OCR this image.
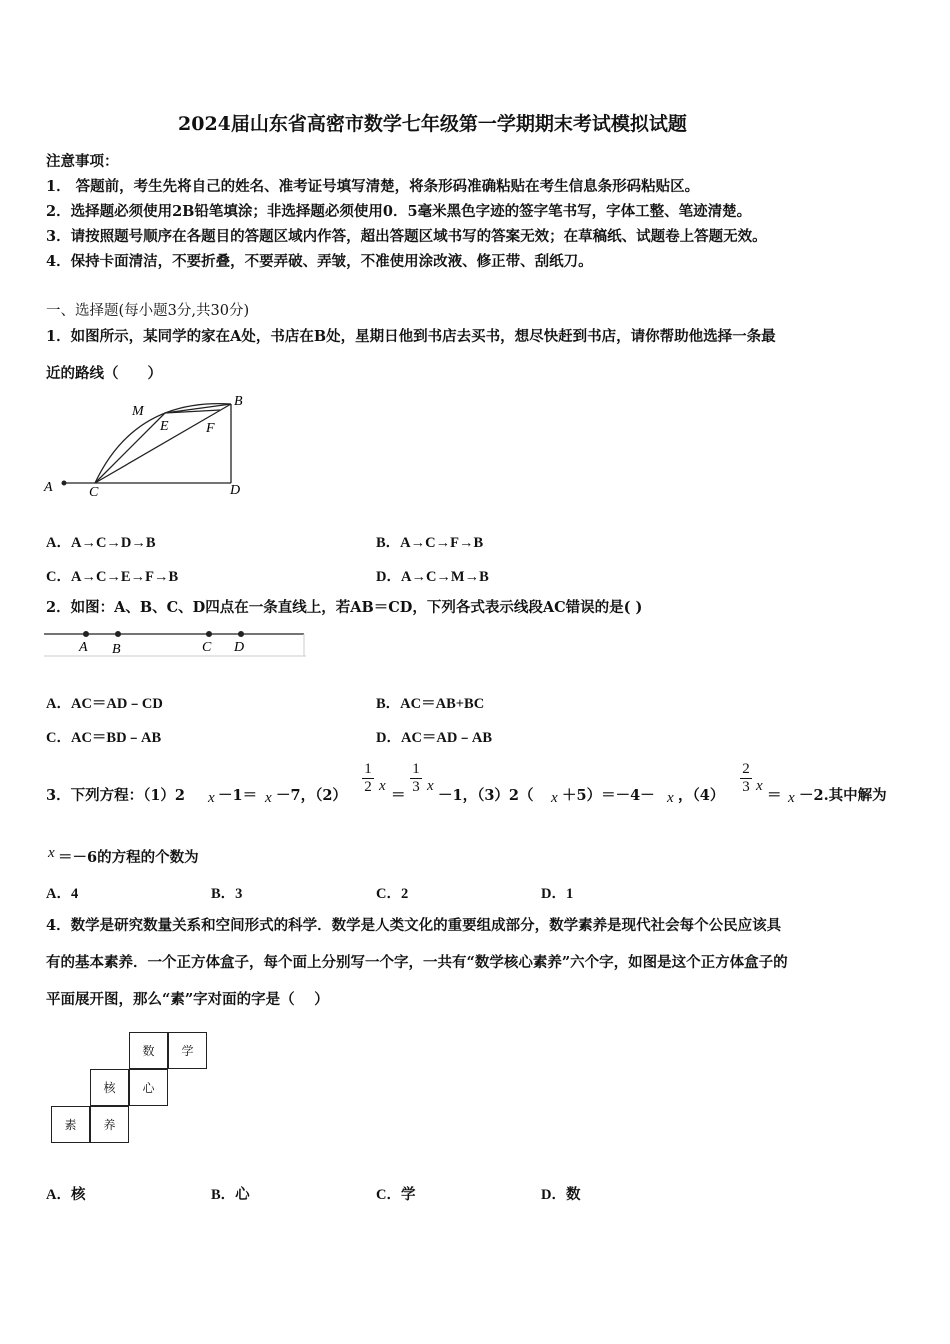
2024届山东省高密市数学七年级第一学期期末考试模拟试题
注意事项：
1． 答题前，考生先将自己的姓名、准考证号填写清楚，将条形码准确粘贴在考生信息条形码粘贴区。
2．选择题必须使用2B铅笔填涂；非选择题必须使用0．5毫米黑色字迹的签字笔书写，字体工整、笔迹清楚。
3．请按照题号顺序在各题目的答题区域内作答，超出答题区域书写的答案无效；在草稿纸、试题卷上答题无效。
4．保持卡面清洁，不要折叠，不要弄破、弄皱，不准使用涂改液、修正带、刮纸刀。
一、选择题(每小题3分,共30分)
1．如图所示，某同学的家在A处，书店在B处，星期日他到书店去买书，想尽快赶到书店，请你帮助他选择一条最
近的路线（　　）
M
E	F
B
A	C	D
A．A→C→D→B	B．A→C→F→B
C．A→C→E→F→B	D．A→C→M→B
2．如图：A、B、C、D四点在一条直线上，若AB＝CD，下列各式表示线段AC错误的是( )
A B	C D
A．AC＝AD﹣CD	B．AC＝AB+BC
C．AC＝BD﹣AB	D．AC＝AD﹣AB
3．下列方程：（1）2 x －1＝ x －7，（2）
1
2 x
＝
1
3 x
－1，（3）2（ x ＋5）＝－4－ x ，（4）
2
3 x
＝ x －2.其中解为
x ＝－6的方程的个数为
A．4	B．3	C．2	D．1
4．数学是研究数量关系和空间形式的科学．数学是人类文化的重要组成部分，数学素养是现代社会每个公民应该具
有的基本素养．一个正方体盒子，每个面上分别写一个字，一共有“数学核心素养”六个字，如图是这个正方体盒子的
平面展开图，那么“素”字对面的字是（　 ）
数	学
核	心
素	养
A．核	B．心	C．学	D．数
